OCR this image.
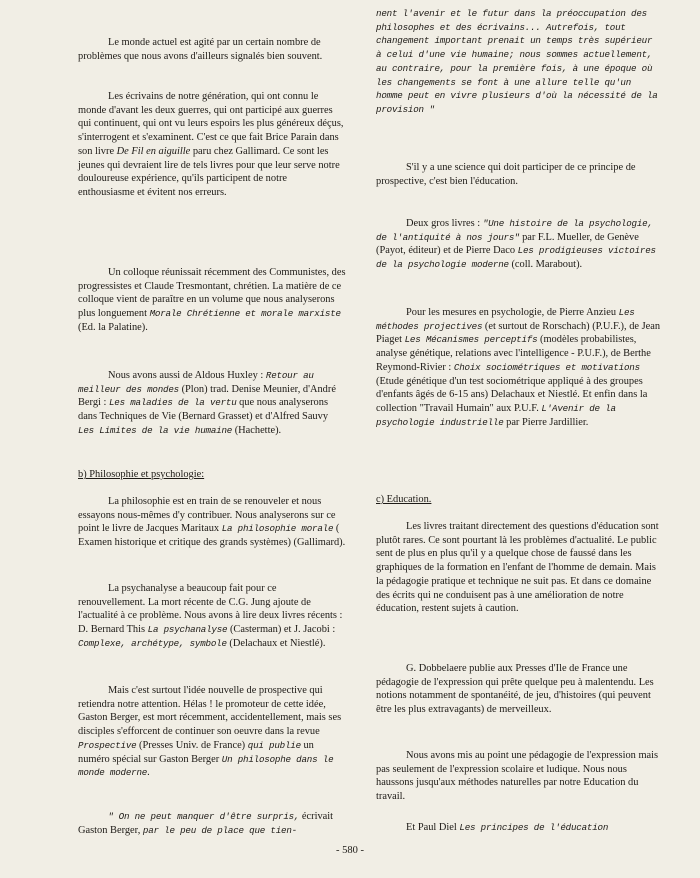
Le monde actuel est agité par un certain nombre de problèmes que nous avons d'ailleurs signalés bien souvent.

Les écrivains de notre génération, qui ont connu le monde d'avant les deux guerres, qui ont participé aux guerres qui continuent, qui ont vu leurs espoirs les plus généreux déçus, s'interrogent et s'examinent. C'est ce que fait Brice Parain dans son livre De Fil en aiguille paru chez Gallimard. Ce sont les jeunes qui devraient lire de tels livres pour que leur serve notre douloureuse expérience, qu'ils participent de notre enthousiasme et évitent nos erreurs.

Un colloque réunissait récemment des Communistes, des progressistes et Claude Tresmontant, chrétien. La matière de ce colloque vient de paraître en un volume que nous analyserons plus longuement Morale Chrétienne et morale marxiste (Ed. la Palatine).

Nous avons aussi de Aldous Huxley : Retour au meilleur des mondes (Plon) trad. Denise Meunier, d'André Bergi : Les maladies de la vertu que nous analyserons dans Techniques de Vie (Bernard Grasset) et d'Alfred Sauvy Les Limites de la vie humaine (Hachette).

b) Philosophie et psychologie:

La philosophie est en train de se renouveler et nous essayons nous-mêmes d'y contribuer. Nous analyserons sur ce point le livre de Jacques Maritaux La philosophie morale ( Examen historique et critique des grands systèmes) (Gallimard).

La psychanalyse a beaucoup fait pour ce renouvellement. La mort récente de C.G. Jung ajoute de l'actualité à ce problème. Nous avons à lire deux livres récents : D. Bernard This La psychanalyse (Casterman) et J. Jacobi : Complexe, archétype, symbole (Delachaux et Niestlé).

Mais c'est surtout l'idée nouvelle de prospective qui retiendra notre attention. Hélas ! le promoteur de cette idée, Gaston Berger, est mort récemment, accidentellement, mais ses disciples s'efforcent de continuer son oeuvre dans la revue Prospective (Presses Univ. de France) qui publie un numéro spécial sur Gaston Berger Un philosophe dans le monde moderne.

" On ne peut manquer d'être surpris, écrivait Gaston Berger, par le peu de place que tien-

nent l'avenir et le futur dans la préoccupation des philosophes et des écrivains... Autrefois, tout changement important prenait un temps très supérieur à celui d'une vie humaine; nous sommes actuellement, au contraire, pour la première fois, à une époque où les changements se font à une allure telle qu'un homme peut en vivre plusieurs d'où la nécessité de la provision "

S'il y a une science qui doit participer de ce principe de prospective, c'est bien l'éducation.

Deux gros livres : "Une histoire de la psychologie, de l'antiquité à nos jours" par F.L. Mueller, de Genève (Payot, éditeur) et de Pierre Daco Les prodigieuses victoires de la psychologie moderne (coll. Marabout).

Pour les mesures en psychologie, de Pierre Anzieu Les méthodes projectives (et surtout de Rorschach) (P.U.F.), de Jean Piaget Les Mécanismes perceptifs (modèles probabilistes, analyse génétique, relations avec l'intelligence - P.U.F.), de Berthe Reymond-Rivier : Choix sociométriques et motivations (Etude génétique d'un test sociométrique appliqué à des groupes d'enfants âgés de 6-15 ans) Delachaux et Niestlé. Et enfin dans la collection "Travail Humain" aux P.U.F. L'Avenir de la psychologie industrielle par Pierre Jardillier.

c) Education.

Les livres traitant directement des questions d'éducation sont plutôt rares. Ce sont pourtant là les problèmes d'actualité. Le public sent de plus en plus qu'il y a quelque chose de faussé dans les graphiques de la formation en l'enfant de l'homme de demain. Mais la pédagogie pratique et technique ne suit pas. Et dans ce domaine des écrits qui ne conduisent pas à une amélioration de notre éducation, restent sujets à caution.

G. Dobbelaere publie aux Presses d'Ile de France une pédagogie de l'expression qui prête quelque peu à malentendu. Les notions notamment de spontanéité, de jeu, d'histoires (qui peuvent être les plus extravagants) de merveilleux.

Nous avons mis au point une pédagogie de l'expression mais pas seulement de l'expression scolaire et ludique. Nous nous haussons jusqu'aux méthodes naturelles par notre Education du travail.

Et Paul Diel Les principes de l'éducation

- 580 -
